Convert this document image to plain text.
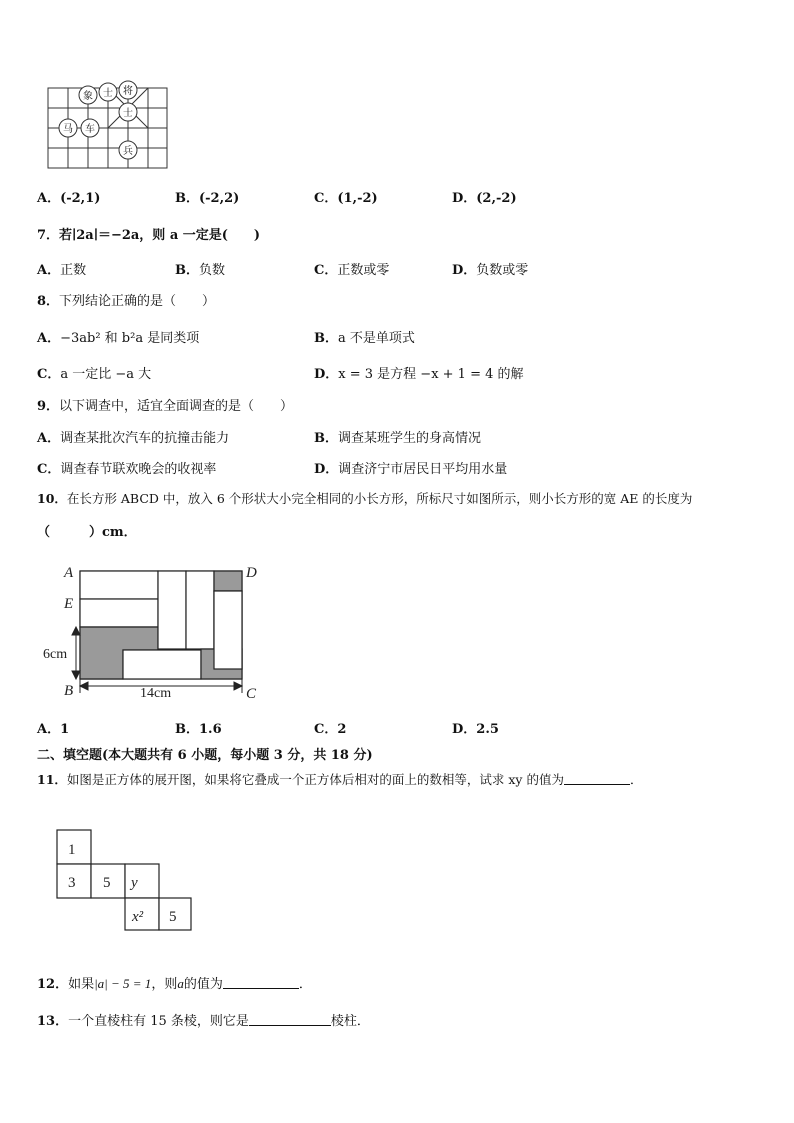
象 士 将
士
马 车
兵
A．(-2,1)	B．(-2,2)	C．(1,-2)	D．(2,-2)
7．若∣2a∣＝−2a，则 a 一定是(　　)
A．正数	B．负数	C．正数或零	D．负数或零
8．下列结论正确的是（　　）
A．−3ab² 和 b²a 是同类项	B．a 不是单项式
C．a 一定比 −a 大	D．x = 3 是方程 −x + 1 = 4 的解
9．以下调查中，适宜全面调查的是（　　）
A．调查某批次汽车的抗撞击能力	B．调查某班学生的身高情况
C．调查春节联欢晚会的收视率	D．调查济宁市居民日平均用水量
10．在长方形 ABCD 中，放入 6 个形状大小完全相同的小长方形，所标尺寸如图所示，则小长方形的宽 AE 的长度为
（　　　）cm．
A	D
E
B	C
6cm
14cm
A．1	B．1.6	C．2	D．2.5
二、填空题(本大题共有 6 小题，每小题 3 分，共 18 分)
11．如图是正方体的展开图，如果将它叠成一个正方体后相对的面上的数相等，试求 xy 的值为	．
1
3 5 y
x² 5
12．如果|a| − 5 = 1，则a的值为	．
13．一个直棱柱有 15 条棱，则它是	棱柱．
